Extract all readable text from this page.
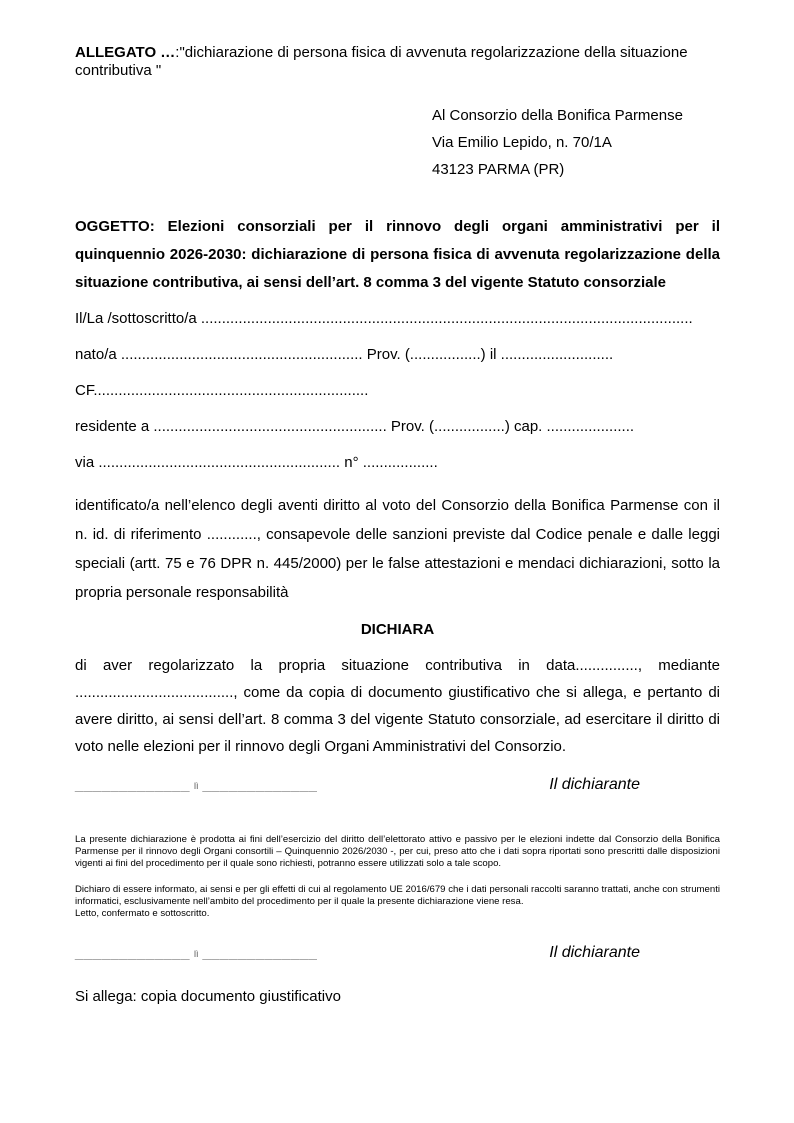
ALLEGATO …:"dichiarazione di persona fisica di avvenuta regolarizzazione della situazione contributiva "

Al Consorzio della Bonifica Parmense

Via Emilio Lepido, n. 70/1A

43123 PARMA (PR)

OGGETTO: Elezioni consorziali per il rinnovo degli organi amministrativi per il quinquennio 2026-2030: dichiarazione di persona fisica di avvenuta regolarizzazione della situazione contributiva, ai sensi dell’art. 8 comma 3 del vigente Statuto consorziale

Il/La /sottoscritto/a ......................................................................................................................

nato/a .......................................................... Prov. (.................) il ...........................

CF..................................................................

residente a ........................................................ Prov. (.................) cap. .....................

via .......................................................... n° ..................

identificato/a nell’elenco degli aventi diritto al voto del Consorzio della Bonifica Parmense con il n. id. di riferimento ............, consapevole delle sanzioni previste dal Codice penale e dalle leggi speciali (artt. 75 e 76 DPR n. 445/2000) per le false attestazioni e mendaci dichiarazioni, sotto la propria personale responsabilità

DICHIARA

di aver regolarizzato la propria situazione contributiva in data..............., mediante ......................................, come da copia di documento giustificativo che si allega, e pertanto di avere diritto, ai sensi dell’art. 8 comma 3 del vigente Statuto consorziale, ad esercitare il diritto di voto nelle elezioni per il rinnovo degli Organi Amministrativi del Consorzio.

_____________ lì _____________	Il dichiarante

La presente dichiarazione è prodotta ai fini dell’esercizio del diritto dell’elettorato attivo e passivo per le elezioni indette dal Consorzio della Bonifica Parmense per il rinnovo degli Organi consortili – Quinquennio 2026/2030 -, per cui, preso atto che i dati sopra riportati sono prescritti dalle disposizioni vigenti ai fini del procedimento per il quale sono richiesti, potranno essere utilizzati solo a tale scopo.

Dichiaro di essere informato, ai sensi e per gli effetti di cui al regolamento UE 2016/679 che i dati personali raccolti saranno trattati, anche con strumenti informatici, esclusivamente nell’ambito del procedimento per il quale la presente dichiarazione viene resa.

Letto, confermato e sottoscritto.

_____________ lì _____________	Il dichiarante

Si allega: copia documento giustificativo
